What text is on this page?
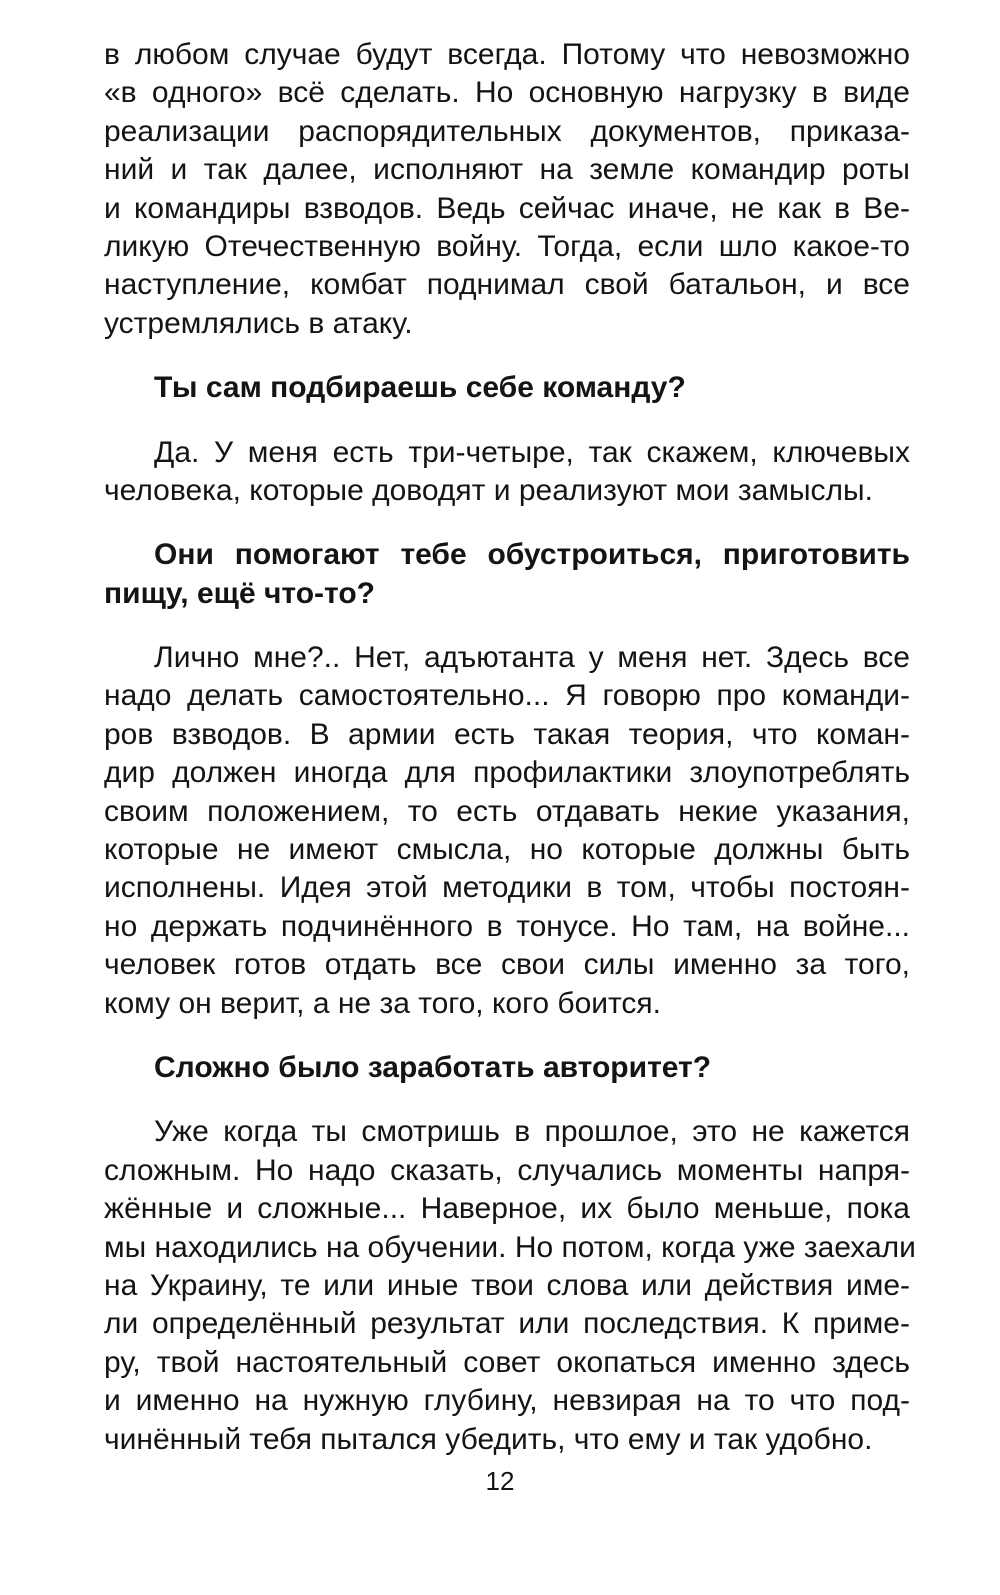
в любом случае будут всегда. Потому что невозможно
«в одного» всё сделать. Но основную нагрузку в виде
реализации распорядительных документов, приказа-
ний и так далее, исполняют на земле командир роты
и командиры взводов. Ведь сейчас иначе, не как в Ве-
ликую Отечественную войну. Тогда, если шло какое-то
наступление, комбат поднимал свой батальон, и все
устремлялись в атаку.
Ты сам подбираешь себе команду?
Да. У меня есть три-четыре, так скажем, ключевых
человека, которые доводят и реализуют мои замыслы.
Они помогают тебе обустроиться, приготовить
пищу, ещё что-то?
Лично мне?.. Нет, адъютанта у меня нет. Здесь все
надо делать самостоятельно... Я говорю про команди-
ров взводов. В армии есть такая теория, что коман-
дир должен иногда для профилактики злоупотреблять
своим положением, то есть отдавать некие указания,
которые не имеют смысла, но которые должны быть
исполнены. Идея этой методики в том, чтобы постоян-
но держать подчинённого в тонусе. Но там, на войне...
человек готов отдать все свои силы именно за того,
кому он верит, а не за того, кого боится.
Сложно было заработать авторитет?
Уже когда ты смотришь в прошлое, это не кажется
сложным. Но надо сказать, случались моменты напря-
жённые и сложные... Наверное, их было меньше, пока
мы находились на обучении. Но потом, когда уже заехали
на Украину, те или иные твои слова или действия име-
ли определённый результат или последствия. К приме-
ру, твой настоятельный совет окопаться именно здесь
и именно на нужную глубину, невзирая на то что под-
чинённый тебя пытался убедить, что ему и так удобно.
12
